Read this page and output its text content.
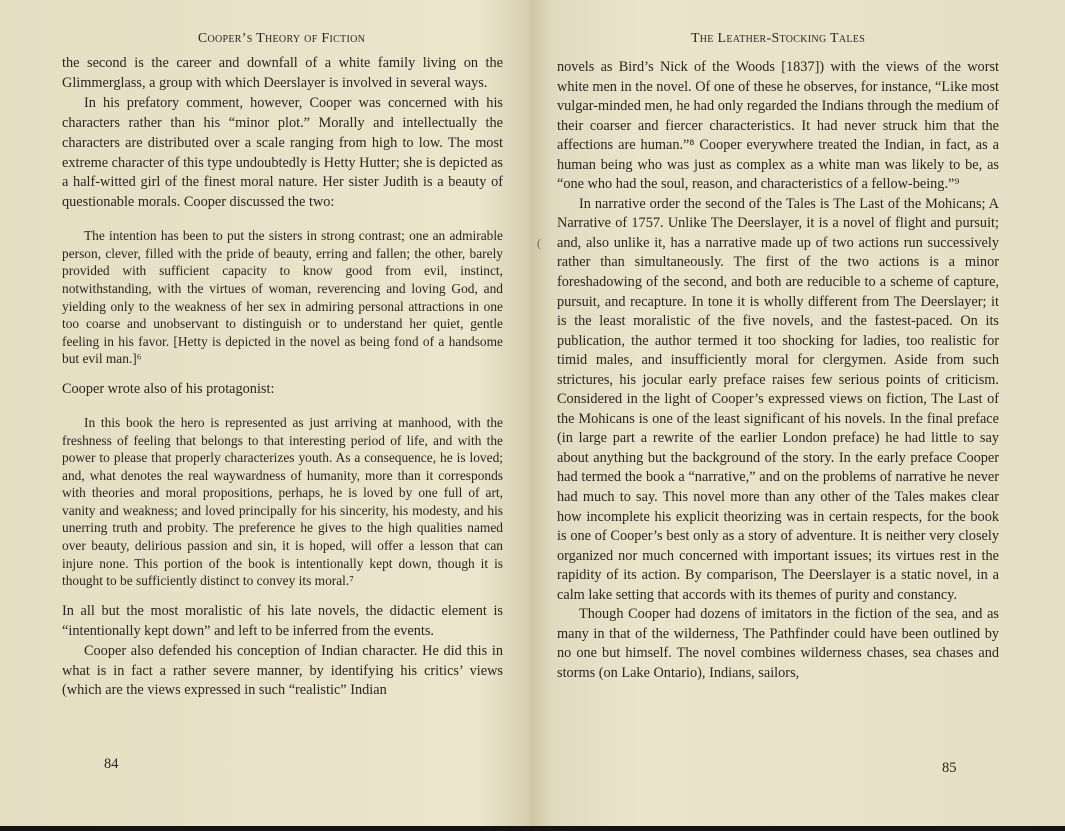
Cooper’s Theory of Fiction

the second is the career and downfall of a white family living on the Glimmerglass, a group with which Deerslayer is involved in several ways.

In his prefatory comment, however, Cooper was concerned with his characters rather than his “minor plot.” Morally and intellectually the characters are distributed over a scale ranging from high to low. The most extreme character of this type undoubtedly is Hetty Hutter; she is depicted as a half-witted girl of the finest moral nature. Her sister Judith is a beauty of questionable morals. Cooper discussed the two:

The intention has been to put the sisters in strong contrast; one an admirable person, clever, filled with the pride of beauty, erring and fallen; the other, barely provided with sufficient capacity to know good from evil, instinct, notwithstanding, with the virtues of woman, reverencing and loving God, and yielding only to the weakness of her sex in admiring personal attractions in one too coarse and unobservant to distinguish or to understand her quiet, gentle feeling in his favor. [Hetty is depicted in the novel as being fond of a handsome but evil man.]⁶

Cooper wrote also of his protagonist:

In this book the hero is represented as just arriving at manhood, with the freshness of feeling that belongs to that interesting period of life, and with the power to please that properly characterizes youth. As a consequence, he is loved; and, what denotes the real waywardness of humanity, more than it corresponds with theories and moral propositions, perhaps, he is loved by one full of art, vanity and weakness; and loved principally for his sincerity, his modesty, and his unerring truth and probity. The preference he gives to the high qualities named over beauty, delirious passion and sin, it is hoped, will offer a lesson that can injure none. This portion of the book is intentionally kept down, though it is thought to be sufficiently distinct to convey its moral.⁷

In all but the most moralistic of his late novels, the didactic element is “intentionally kept down” and left to be inferred from the events.

Cooper also defended his conception of Indian character. He did this in what is in fact a rather severe manner, by identifying his critics’ views (which are the views expressed in such “realistic” Indian

84
The Leather-Stocking Tales

novels as Bird’s Nick of the Woods [1837]) with the views of the worst white men in the novel. Of one of these he observes, for instance, “Like most vulgar-minded men, he had only regarded the Indians through the medium of their coarser and fiercer characteristics. It had never struck him that the affections are human.”⁸ Cooper everywhere treated the Indian, in fact, as a human being who was just as complex as a white man was likely to be, as “one who had the soul, reason, and characteristics of a fellow-being.”⁹

In narrative order the second of the Tales is The Last of the Mohicans; A Narrative of 1757. Unlike The Deerslayer, it is a novel of flight and pursuit; and, also unlike it, has a narrative made up of two actions run successively rather than simultaneously. The first of the two actions is a minor foreshadowing of the second, and both are reducible to a scheme of capture, pursuit, and recapture. In tone it is wholly different from The Deerslayer; it is the least moralistic of the five novels, and the fastest-paced. On its publication, the author termed it too shocking for ladies, too realistic for timid males, and insufficiently moral for clergymen. Aside from such strictures, his jocular early preface raises few serious points of criticism. Considered in the light of Cooper’s expressed views on fiction, The Last of the Mohicans is one of the least significant of his novels. In the final preface (in large part a rewrite of the earlier London preface) he had little to say about anything but the background of the story. In the early preface Cooper had termed the book a “narrative,” and on the problems of narrative he never had much to say. This novel more than any other of the Tales makes clear how incomplete his explicit theorizing was in certain respects, for the book is one of Cooper’s best only as a story of adventure. It is neither very closely organized nor much concerned with important issues; its virtues rest in the rapidity of its action. By comparison, The Deerslayer is a static novel, in a calm lake setting that accords with its themes of purity and constancy.

Though Cooper had dozens of imitators in the fiction of the sea, and as many in that of the wilderness, The Pathfinder could have been outlined by no one but himself. The novel combines wilderness chases, sea chases and storms (on Lake Ontario), Indians, sailors,

85
(
